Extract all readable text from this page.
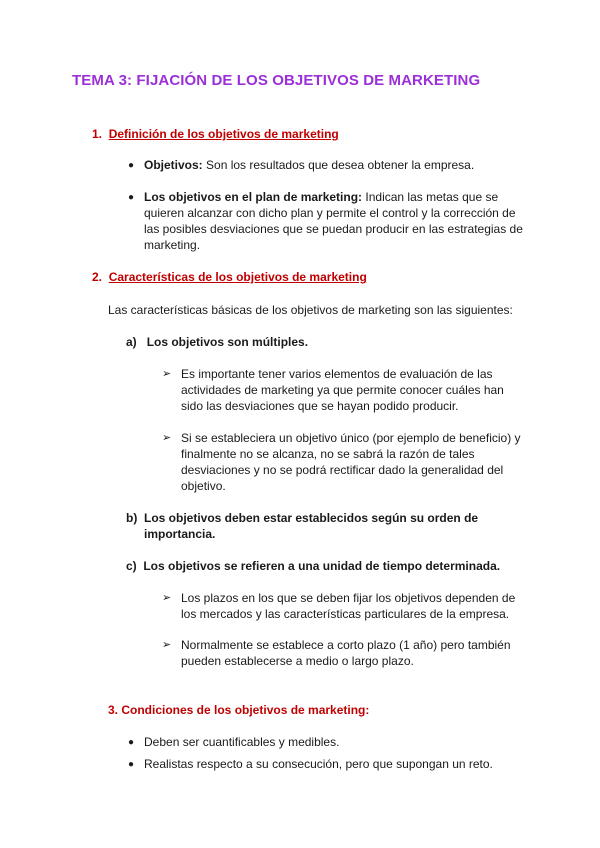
TEMA 3: FIJACIÓN DE LOS OBJETIVOS DE MARKETING
1. Definición de los objetivos de marketing
● Objetivos: Son los resultados que desea obtener la empresa.
● Los objetivos en el plan de marketing: Indican las metas que se
quieren alcanzar con dicho plan y permite el control y la corrección de
las posibles desviaciones que se puedan producir en las estrategias de
marketing.
2. Características de los objetivos de marketing
Las características básicas de los objetivos de marketing son las siguientes:
a) Los objetivos son múltiples.
➢ Es importante tener varios elementos de evaluación de las
actividades de marketing ya que permite conocer cuáles han
sido las desviaciones que se hayan podido producir.
➢ Si se estableciera un objetivo único (por ejemplo de beneficio) y
finalmente no se alcanza, no se sabrá la razón de tales
desviaciones y no se podrá rectificar dado la generalidad del
objetivo.
b) Los objetivos deben estar establecidos según su orden de
importancia.
c) Los objetivos se refieren a una unidad de tiempo determinada.
➢ Los plazos en los que se deben fijar los objetivos dependen de
los mercados y las características particulares de la empresa.
➢ Normalmente se establece a corto plazo (1 año) pero también
pueden establecerse a medio o largo plazo.
3. Condiciones de los objetivos de marketing:
● Deben ser cuantificables y medibles.
● Realistas respecto a su consecución, pero que supongan un reto.
